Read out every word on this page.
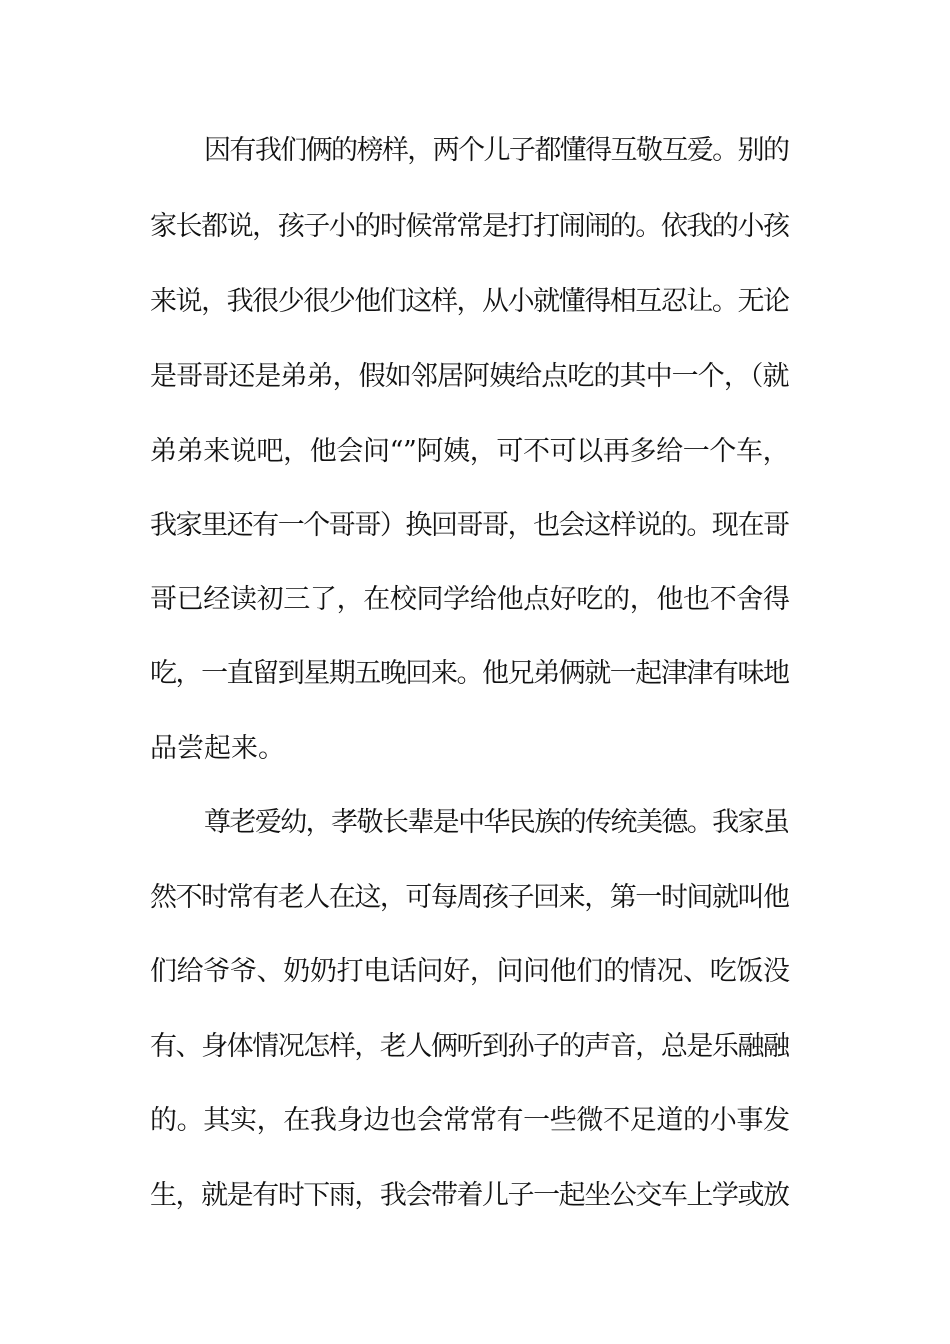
因有我们俩的榜样，两个儿子都懂得互敬互爱。别的
家长都说，孩子小的时候常常是打打闹闹的。依我的小孩
来说，我很少很少他们这样，从小就懂得相互忍让。无论
是哥哥还是弟弟，假如邻居阿姨给点吃的其中一个，（就
弟弟来说吧，他会问“”阿姨，可不可以再多给一个车，
我家里还有一个哥哥）换回哥哥，也会这样说的。现在哥
哥已经读初三了，在校同学给他点好吃的，他也不舍得
吃，一直留到星期五晚回来。他兄弟俩就一起津津有味地
品尝起来。
尊老爱幼，孝敬长辈是中华民族的传统美德。我家虽
然不时常有老人在这，可每周孩子回来，第一时间就叫他
们给爷爷、奶奶打电话问好，问问他们的情况、吃饭没
有、身体情况怎样，老人俩听到孙子的声音，总是乐融融
的。其实，在我身边也会常常有一些微不足道的小事发
生，就是有时下雨，我会带着儿子一起坐公交车上学或放
